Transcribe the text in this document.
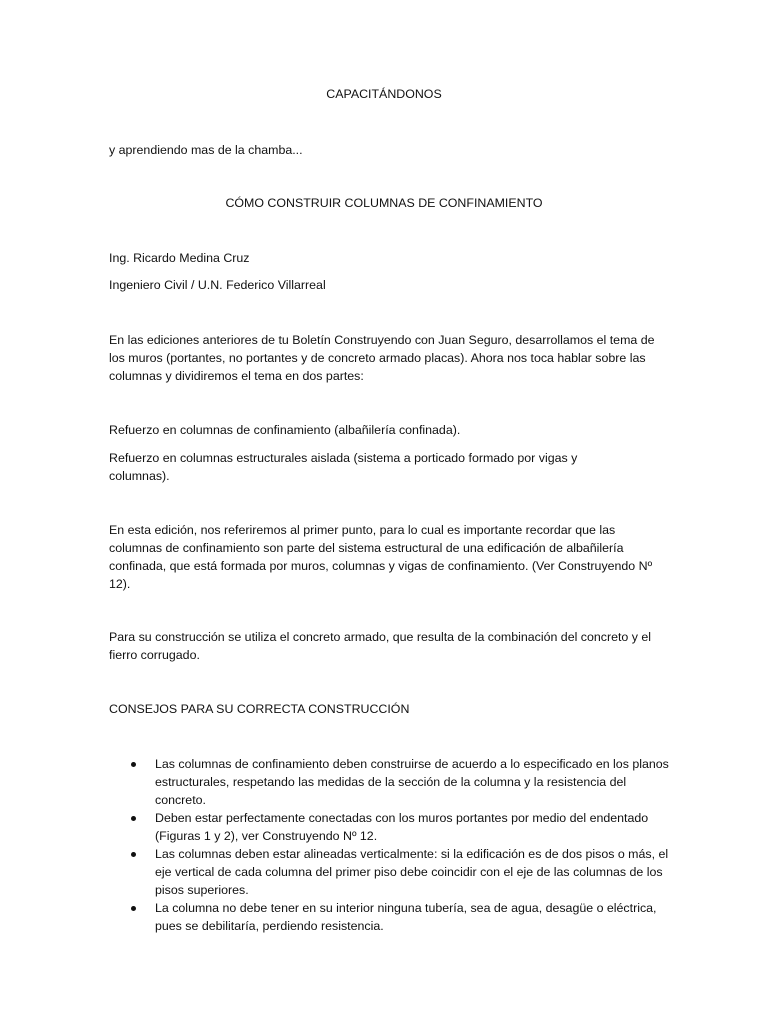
CAPACITÁNDONOS

y aprendiendo mas de la chamba...

CÓMO CONSTRUIR COLUMNAS DE CONFINAMIENTO

Ing. Ricardo Medina Cruz

Ingeniero Civil / U.N. Federico Villarreal

En las ediciones anteriores de tu Boletín Construyendo con Juan Seguro, desarrollamos el tema de los muros (portantes, no portantes y de concreto armado placas). Ahora nos toca hablar sobre las columnas y dividiremos el tema en dos partes:

Refuerzo en columnas de confinamiento (albañilería confinada).

Refuerzo en columnas estructurales aislada (sistema a porticado formado por vigas y columnas).

En esta edición, nos referiremos al primer punto, para lo cual es importante recordar que las columnas de confinamiento son parte del sistema estructural de una edificación de albañilería confinada, que está formada por muros, columnas y vigas de confinamiento. (Ver Construyendo Nº 12).

Para su construcción se utiliza el concreto armado, que resulta de la combinación del concreto y el fierro corrugado.

CONSEJOS PARA SU CORRECTA CONSTRUCCIÓN

Las columnas de confinamiento deben construirse de acuerdo a lo especificado en los planos estructurales, respetando las medidas de la sección de la columna y la resistencia del concreto.
Deben estar perfectamente conectadas con los muros portantes por medio del endentado (Figuras 1 y 2), ver Construyendo Nº 12.
Las columnas deben estar alineadas verticalmente: si la edificación es de dos pisos o más, el eje vertical de cada columna del primer piso debe coincidir con el eje de las columnas de los pisos superiores.
La columna no debe tener en su interior ninguna tubería, sea de agua, desagüe o eléctrica, pues se debilitaría, perdiendo resistencia.
